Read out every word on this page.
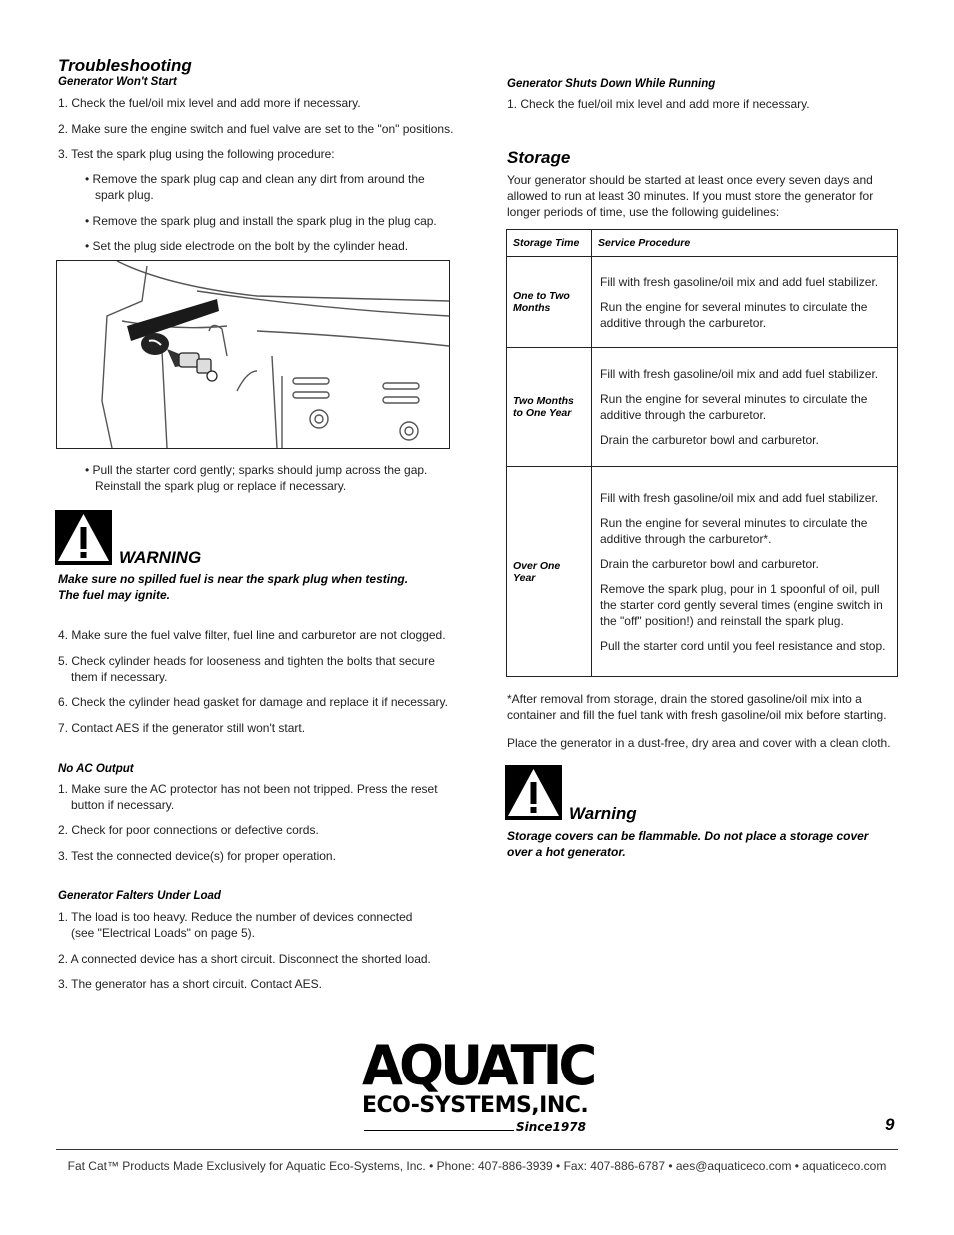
Troubleshooting
Generator Won't Start
1. Check the fuel/oil mix level and add more if necessary.
2. Make sure the engine switch and fuel valve are set to the "on" positions.
3. Test the spark plug using the following procedure:
• Remove the spark plug cap and clean any dirt from around the spark plug.
• Remove the spark plug and install the spark plug in the plug cap.
• Set the plug side electrode on the bolt by the cylinder head.
• Pull the starter cord gently; sparks should jump across the gap. Reinstall the spark plug or replace if necessary.
WARNING
Make sure no spilled fuel is near the spark plug when testing. The fuel may ignite.
4. Make sure the fuel valve filter, fuel line and carburetor are not clogged.
5. Check cylinder heads for looseness and tighten the bolts that secure them if necessary.
6. Check the cylinder head gasket for damage and replace it if necessary.
7. Contact AES if the generator still won't start.
No AC Output
1. Make sure the AC protector has not been not tripped. Press the reset button if necessary.
2. Check for poor connections or defective cords.
3. Test the connected device(s) for proper operation.
Generator Falters Under Load
1. The load is too heavy. Reduce the number of devices connected (see "Electrical Loads" on page 5).
2. A connected device has a short circuit. Disconnect the shorted load.
3. The generator has a short circuit. Contact AES.
Generator Shuts Down While Running
1. Check the fuel/oil mix level and add more if necessary.
Storage
Your generator should be started at least once every seven days and allowed to run at least 30 minutes. If you must store the generator for longer periods of time, use the following guidelines:
Storage Time	Service Procedure
One to Two Months	Fill with fresh gasoline/oil mix and add fuel stabilizer.

Run the engine for several minutes to circulate the additive through the carburetor.

Two Months to One Year	Fill with fresh gasoline/oil mix and add fuel stabilizer.

Run the engine for several minutes to circulate the additive through the carburetor.

Drain the carburetor bowl and carburetor.

Over One Year	Fill with fresh gasoline/oil mix and add fuel stabilizer.

Run the engine for several minutes to circulate the additive through the carburetor*.

Drain the carburetor bowl and carburetor.

Remove the spark plug, pour in 1 spoonful of oil, pull the starter cord gently several times (engine switch in the "off" position!) and reinstall the spark plug.

Pull the starter cord until you feel resistance and stop.

*After removal from storage, drain the stored gasoline/oil mix into a container and fill the fuel tank with fresh gasoline/oil mix before starting.
Place the generator in a dust-free, dry area and cover with a clean cloth.
Warning
Storage covers can be flammable. Do not place a storage cover over a hot generator.
AQUATIC
ECO-SYSTEMS,INC.
Since1978	9
Fat Cat™ Products Made Exclusively for Aquatic Eco-Systems, Inc. • Phone: 407-886-3939 • Fax: 407-886-6787 • aes@aquaticeco.com • aquaticeco.com
